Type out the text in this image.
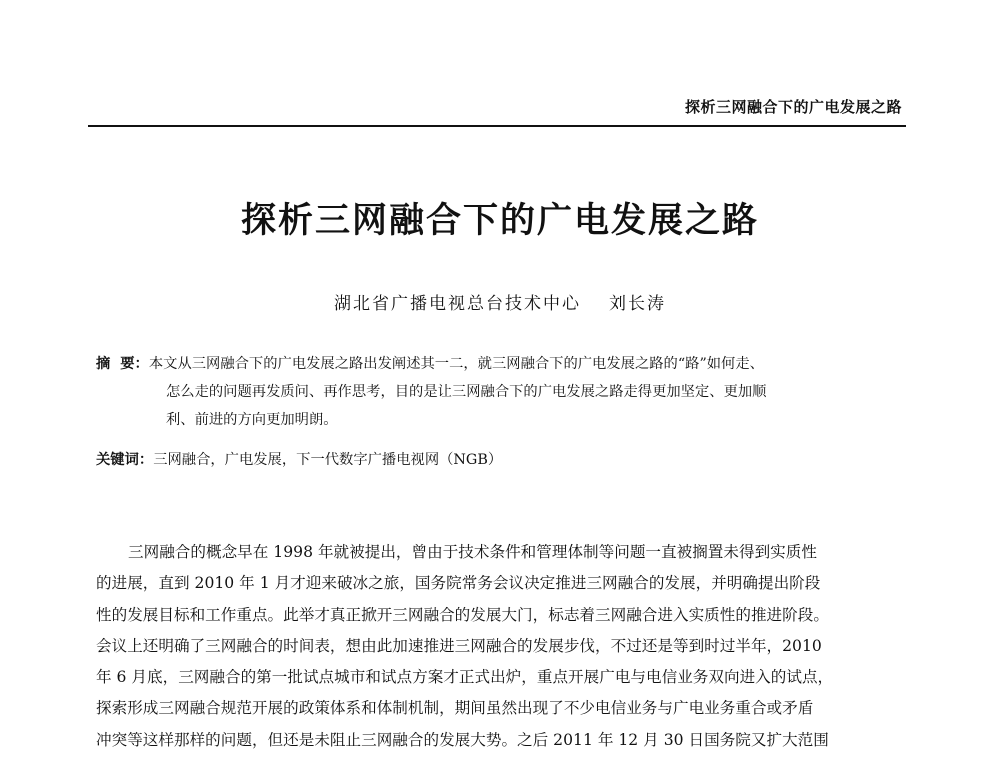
探析三网融合下的广电发展之路
探析三网融合下的广电发展之路
湖北省广播电视总台技术中心 刘长涛
摘  要：本文从三网融合下的广电发展之路出发阐述其一二，就三网融合下的广电发展之路的“路”如何走、
怎么走的问题再发质问、再作思考，目的是让三网融合下的广电发展之路走得更加坚定、更加顺
利、前进的方向更加明朗。
关键词：三网融合，广电发展，下一代数字广播电视网（NGB）
三网融合的概念早在 1998 年就被提出，曾由于技术条件和管理体制等问题一直被搁置未得到实质性
的进展，直到 2010 年 1 月才迎来破冰之旅，国务院常务会议决定推进三网融合的发展，并明确提出阶段
性的发展目标和工作重点。此举才真正掀开三网融合的发展大门，标志着三网融合进入实质性的推进阶段。
会议上还明确了三网融合的时间表，想由此加速推进三网融合的发展步伐，不过还是等到时过半年，2010
年 6 月底，三网融合的第一批试点城市和试点方案才正式出炉，重点开展广电与电信业务双向进入的试点，
探索形成三网融合规范开展的政策体系和体制机制，期间虽然出现了不少电信业务与广电业务重合或矛盾
冲突等这样那样的问题，但还是未阻止三网融合的发展大势。之后 2011 年 12 月 30 日国务院又扩大范围
